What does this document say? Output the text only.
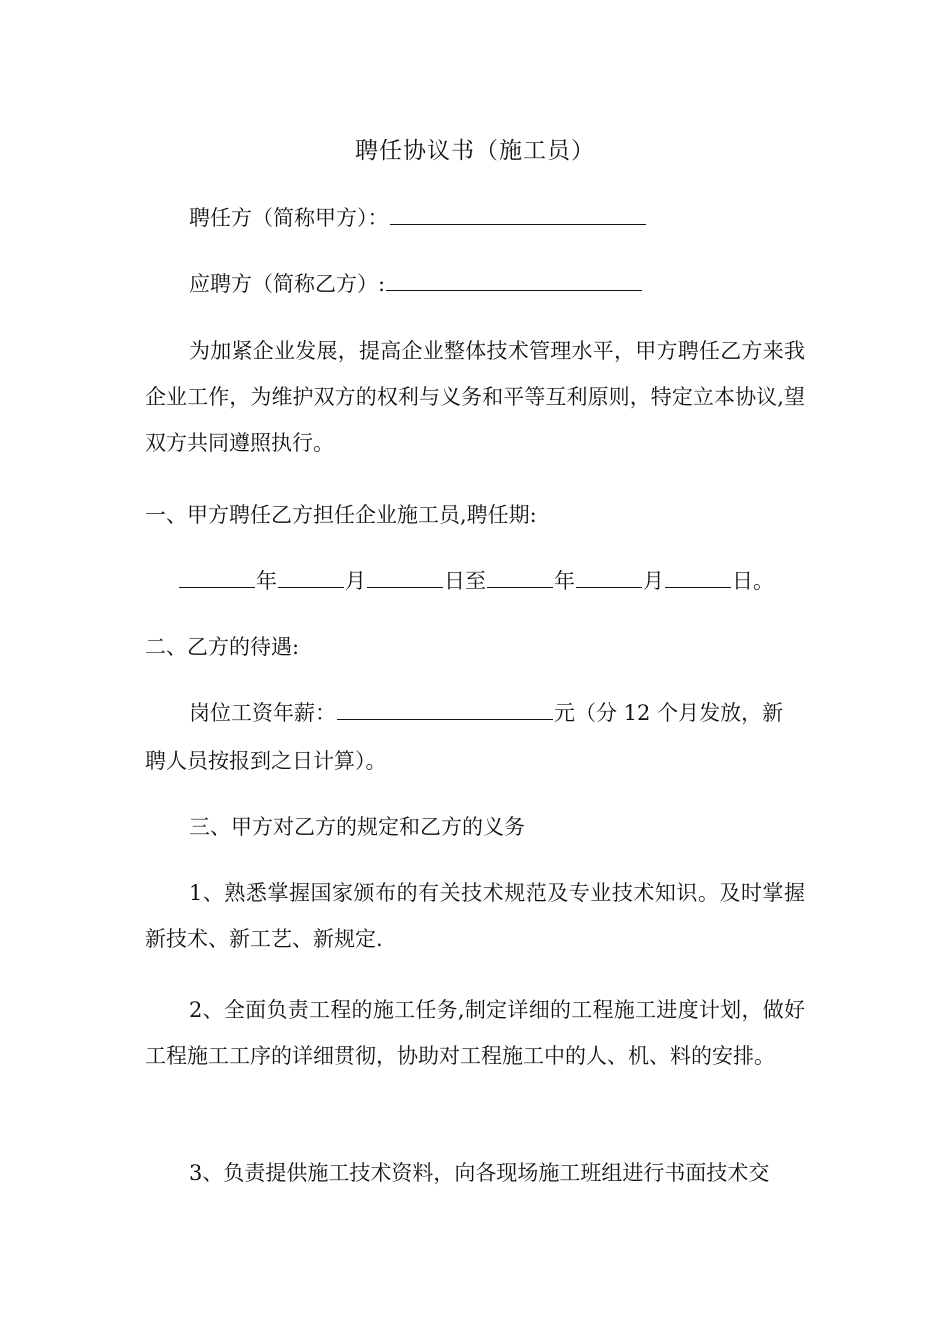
聘任协议书（施工员）
聘任方（简称甲方）：
应聘方（简称乙方）:
为加紧企业发展，提高企业整体技术管理水平，甲方聘任乙方来我企业工作，为维护双方的权利与义务和平等互利原则，特定立本协议,望双方共同遵照执行。
一、甲方聘任乙方担任企业施工员,聘任期:
年	月	日至	年	月	日。
二、乙方的待遇:
岗位工资年薪：	元（分 12 个月发放，新
聘人员按报到之日计算）。
三、甲方对乙方的规定和乙方的义务
1、熟悉掌握国家颁布的有关技术规范及专业技术知识。及时掌握新技术、新工艺、新规定.
2、全面负责工程的施工任务,制定详细的工程施工进度计划，做好工程施工工序的详细贯彻，协助对工程施工中的人、机、料的安排。
3、负责提供施工技术资料，向各现场施工班组进行书面技术交
